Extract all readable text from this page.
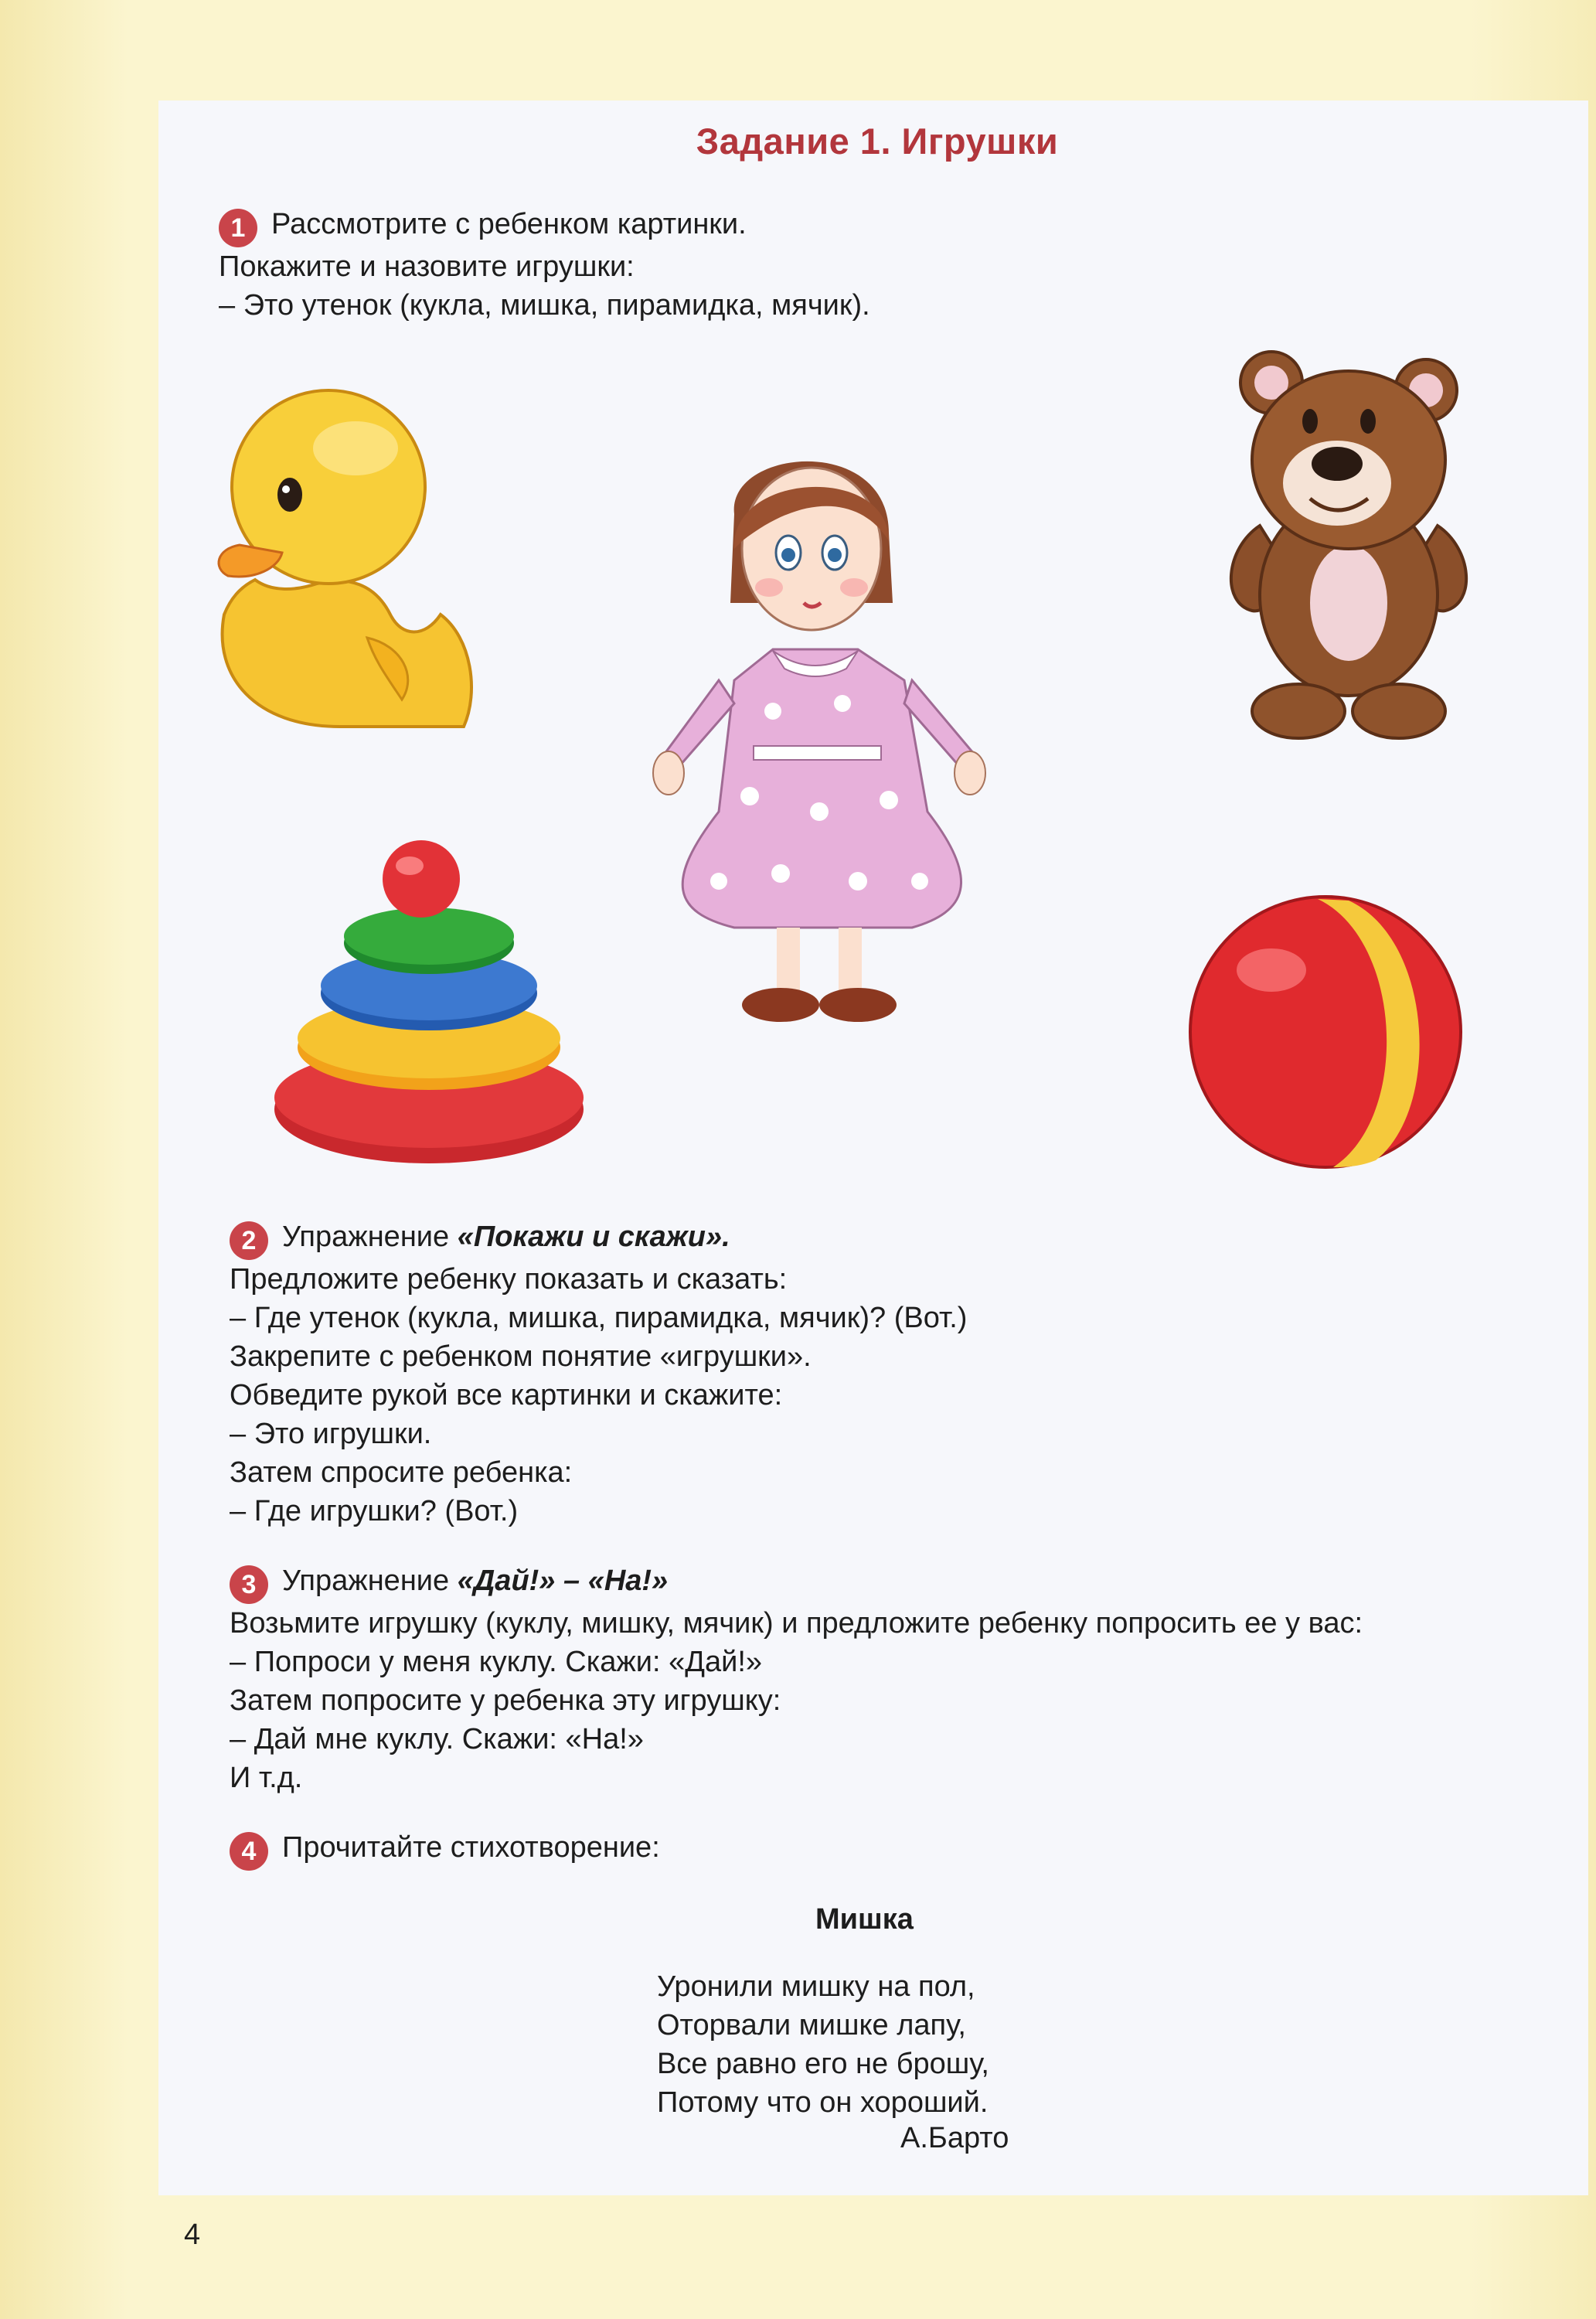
Задание 1. Игрушки

1 Рассмотрите с ребенком картинки.

Покажите и назовите игрушки:

– Это утенок (кукла, мишка, пирамидка, мячик).

2 Упражнение «Покажи и скажи».

Предложите ребенку показать и сказать:

– Где утенок (кукла, мишка, пирамидка, мячик)? (Вот.)

Закрепите с ребенком понятие «игрушки».

Обведите рукой все картинки и скажите:

– Это игрушки.

Затем спросите ребенка:

– Где игрушки? (Вот.)

3 Упражнение «Дай!» – «На!»

Возьмите игрушку (куклу, мишку, мячик) и предложите ребенку попросить ее у вас:

– Попроси у меня куклу. Скажи: «Дай!»

Затем попросите у ребенка эту игрушку:

– Дай мне куклу. Скажи: «На!»

И т.д.

4 Прочитайте стихотворение:

Мишка

Уронили мишку на пол,

Оторвали мишке лапу,

Все равно его не брошу,

Потому что он хороший.

А.Барто
4
